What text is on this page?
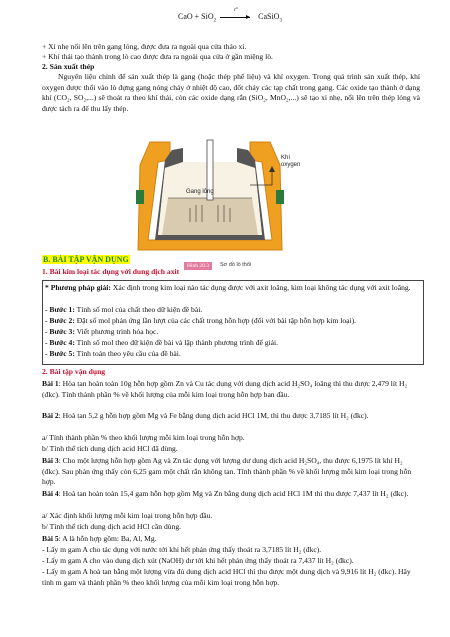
CaO + SiO$_2$
t°
CaSiO$_3$
+ Xỉ nhẹ nổi lên trên gang lỏng, được đưa ra ngoài qua cửa tháo xỉ.
+ Khí thải tạo thành trong lò cao được đưa ra ngoài qua cửa ở gần miệng lò.
2. Sản xuất thép
Nguyên liệu chính để sản xuất thép là gang (hoặc thép phế liệu) và khí oxygen. Trong quá trình sản xuất thép, khí oxygen được thổi vào lò đựng gang nóng chảy ở nhiệt độ cao, đốt cháy các tạp chất trong gang. Các oxide tạo thành ở dạng khí (CO₂, SO₂,...) sẽ thoát ra theo khí thải, còn các oxide dạng rắn (SiO₂, MnO₂,...) sẽ tạo xỉ nhẹ, nổi lên trên thép lỏng và được tách ra để thu lấy thép.
Khí
oxygen
Gang lỏng
Hình 20.3	Sơ đồ lò thổi
B. BÀI TẬP VẬN DỤNG
1. Bài kim loại tác dụng với dung dịch axit
* Phương pháp giải: Xác định trong kim loại nào tác dụng được với axit loãng, kim loại không tác dụng với axit loãng.
- Bước 1: Tính số mol của chất theo dữ kiện đề bài.
- Bước 2: Đặt số mol phản ứng lần lượt của các chất trong hỗn hợp (đối với bài tập hỗn hợp kim loại).
- Bước 3: Viết phương trình hóa học.
- Bước 4: Tính số mol theo dữ kiện đề bài và lập thành phương trình để giải.
- Bước 5: Tính toán theo yêu cầu của đề bài.
2. Bài tập vận dụng
Bài 1: Hòa tan hoàn toàn 10g hỗn hợp gồm Zn và Cu tác dụng với dung dịch acid H₂SO₄ loãng thì thu được 2,479 lít H₂ (đkc). Tính thành phần % về khối lượng của mỗi kim loại trong hỗn hợp ban đầu.
Bài 2: Hoà tan 5,2 g hỗn hợp gồm Mg và Fe bằng dung dịch acid HCl 1M, thì thu được 3,7185 lít H₂ (đkc).
a/ Tính thành phần % theo khối lượng mỗi kim loại trong hỗn hợp.
b/ Tính thể tích dung dịch acid HCl đã dùng.
Bài 3: Cho một lượng hỗn hợp gồm Ag và Zn tác dụng với lượng dư dung dịch acid H₂SO₄, thu được 6,1975 lít khí H₂ (đkc). Sau phản ứng thấy còn 6,25 gam một chất rắn không tan. Tính thành phần % về khối lượng mỗi kim loại trong hỗn hợp.
Bài 4: Hoà tan hoàn toàn 15,4 gam hỗn hợp gồm Mg và Zn bằng dung dịch acid HCl 1M thì thu được 7,437 lít H₂ (đkc).
a/ Xác định khối lượng mỗi kim loại trong hỗn hợp đầu.
b/ Tính thể tích dung dịch acid HCl cần dùng.
Bài 5: A là hỗn hợp gồm: Ba, Al, Mg.
- Lấy m gam A cho tác dụng với nước tới khi hết phản ứng thấy thoát ra 3,7185 lít H₂ (đkc).
- Lấy m gam A cho vào dung dịch xút (NaOH) dư tới khi hết phản ứng thấy thoát ra 7,437 lít H₂ (đkc).
- Lấy m gam A hoà tan bằng một lượng vừa đủ dung dịch acid HCl thì thu được một dung dịch và 9,916 lít H₂ (đkc). Hãy tính m gam và thành phần % theo khối lượng của mỗi kim loại trong hỗn hợp.
